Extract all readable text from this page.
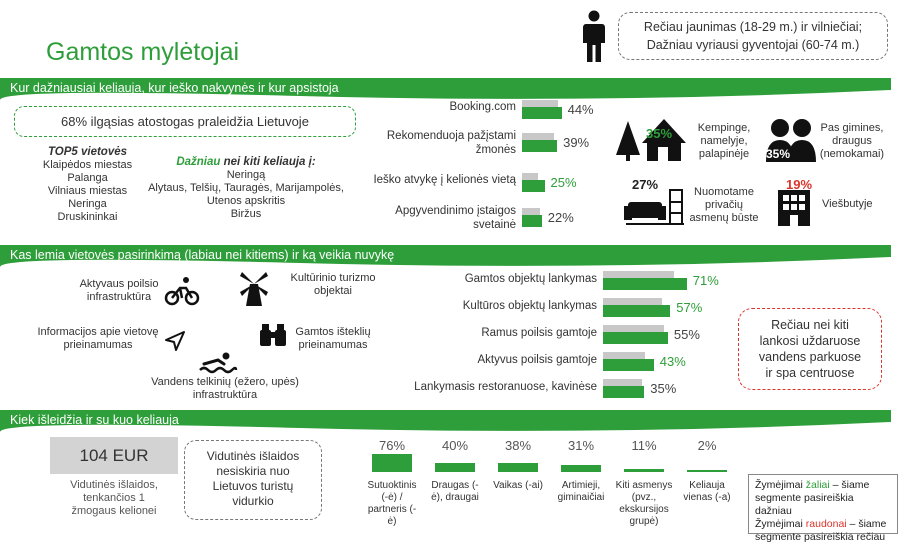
Gamtos mylėtojai
Rečiau jaunimas (18-29 m.) ir vilniečiai;
Dažniau vyriausi gyventojai (60-74 m.)
Kur dažniausiai keliauja, kur ieško nakvynės ir kur apsistoja
68% ilgąsias atostogas praleidžia Lietuvoje
TOP5 vietovės
Klaipėdos miestas
Palanga
Vilniaus miestas
Neringa
Druskininkai
Dažniau nei kiti keliauja į:
Neringą
Alytaus, Telšių, Tauragės, Marijampolės,
Utenos apskritis
Biržus
Booking.com	44%
Rekomenduoja pažįstami žmonės	39%
Ieško atvykę į kelionės vietą	25%
Apgyvendinimo įstaigos svetainė 22%
35%	Kempinge,
namelyje,
palapinėje	35%
Pas gimines,
draugus
(nemokamai)
27%	Nuomotame
privačių
asmenų būste
19%
Viešbutyje
Kas lemia vietovės pasirinkimą (labiau nei kitiems) ir ką veikia nuvykę
Aktyvaus poilsio
infrastruktūra
Kultūrinio turizmo
objektai
Informacijos apie vietovę
prieinamumas
Gamtos išteklių
prieinamumas
Vandens telkinių (ežero, upės)
infrastruktūra
Gamtos objektų lankymas	71%
Kultūros objektų lankymas	57%
Ramus poilsis gamtoje	55%
Aktyvus poilsis gamtoje	43%
Lankymasis restoranuose, kavinėse	35%
Rečiau nei kiti
lankosi uždaruose
vandens parkuose
ir spa centruose
Kiek išleidžia ir su kuo keliauja
104 EUR
Vidutinės išlaidos,
tenkančios 1
žmogaus kelionei
Vidutinės išlaidos
nesiskiria nuo
Lietuvos turistų
vidurkio
76%
Sutuoktinis
(-ė) /
partneris (-
ė)
40%
Draugas (-
ė), draugai
38%
Vaikas (-ai)
31%
Artimieji,
giminaičiai
11%
Kiti asmenys
(pvz.,
ekskursijos
grupė)
2%
Keliauja
vienas (-a)
Žymėjimai žaliai – šiame
segmente pasireiškia dažniau
Žymėjimai raudonai – šiame
segmente pasireiškia rečiau
